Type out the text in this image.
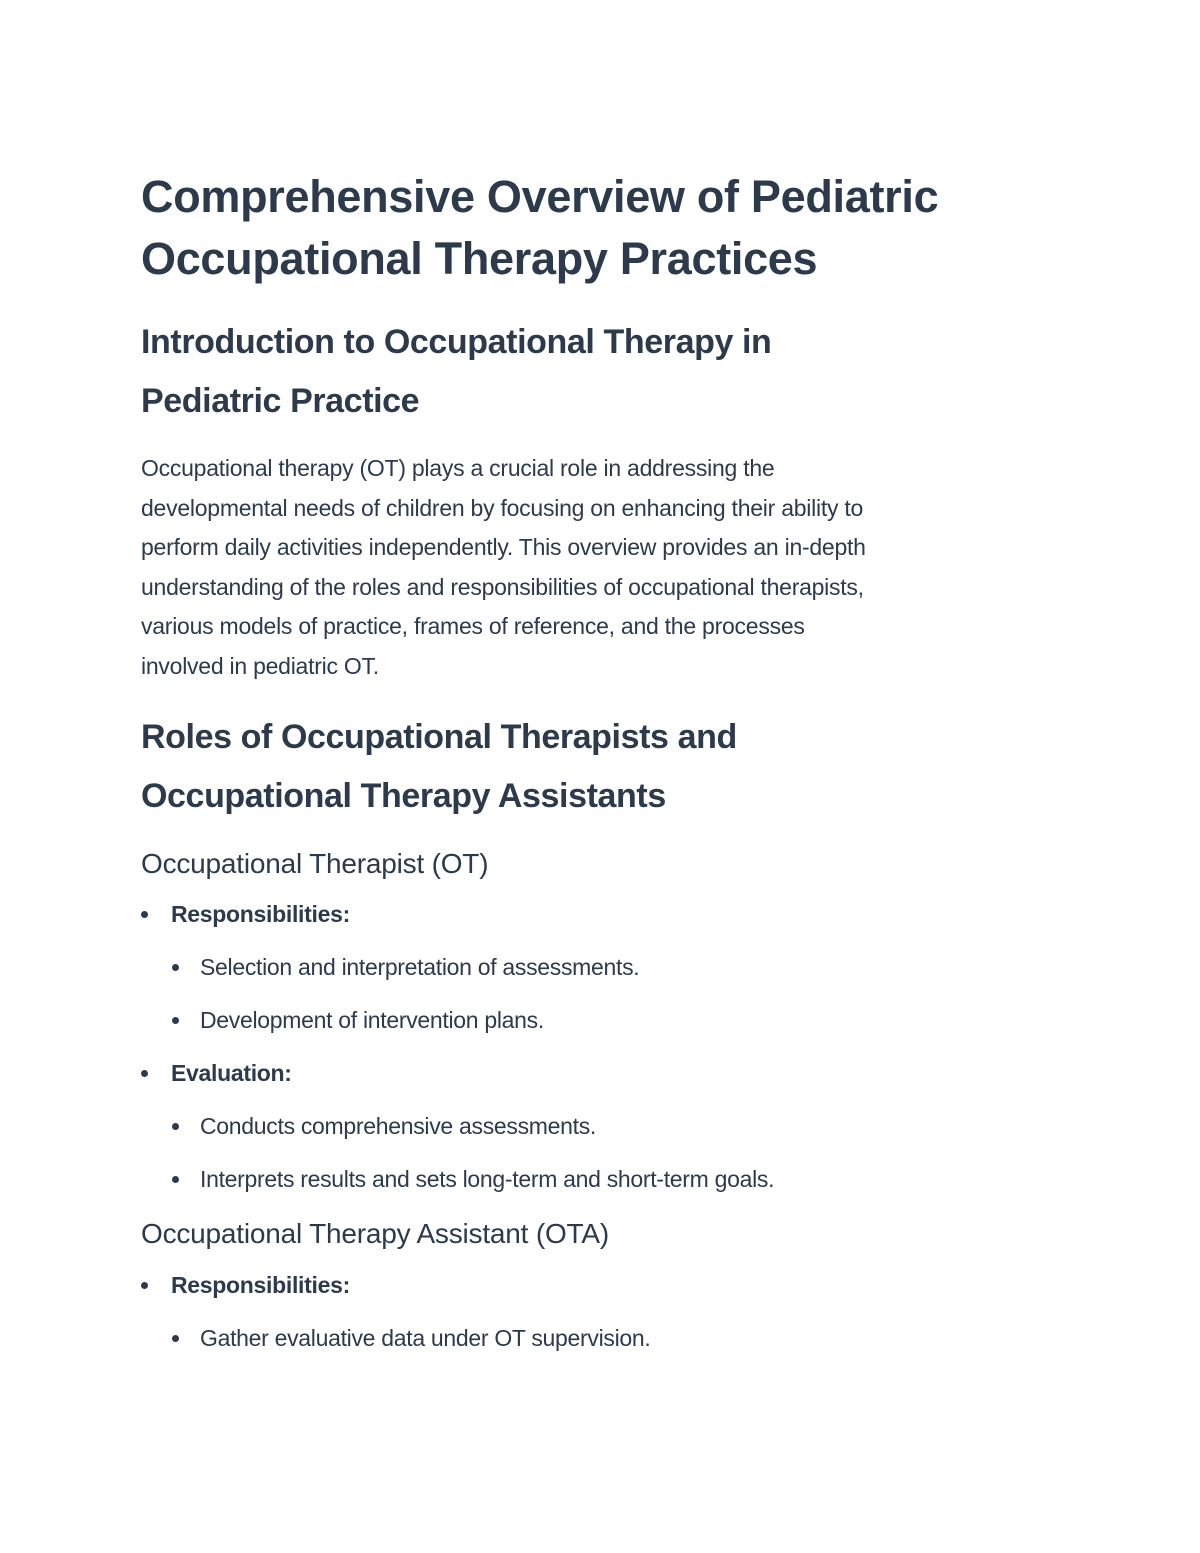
Comprehensive Overview of Pediatric
Occupational Therapy Practices
Introduction to Occupational Therapy in
Pediatric Practice

Occupational therapy (OT) plays a crucial role in addressing the
developmental needs of children by focusing on enhancing their ability to
perform daily activities independently. This overview provides an in-depth
understanding of the roles and responsibilities of occupational therapists,
various models of practice, frames of reference, and the processes
involved in pediatric OT.

Roles of Occupational Therapists and
Occupational Therapy Assistants
Occupational Therapist (OT)
Responsibilities:
Selection and interpretation of assessments.
Development of intervention plans.
Evaluation:
Conducts comprehensive assessments.
Interprets results and sets long-term and short-term goals.
Occupational Therapy Assistant (OTA)
Responsibilities:
Gather evaluative data under OT supervision.
